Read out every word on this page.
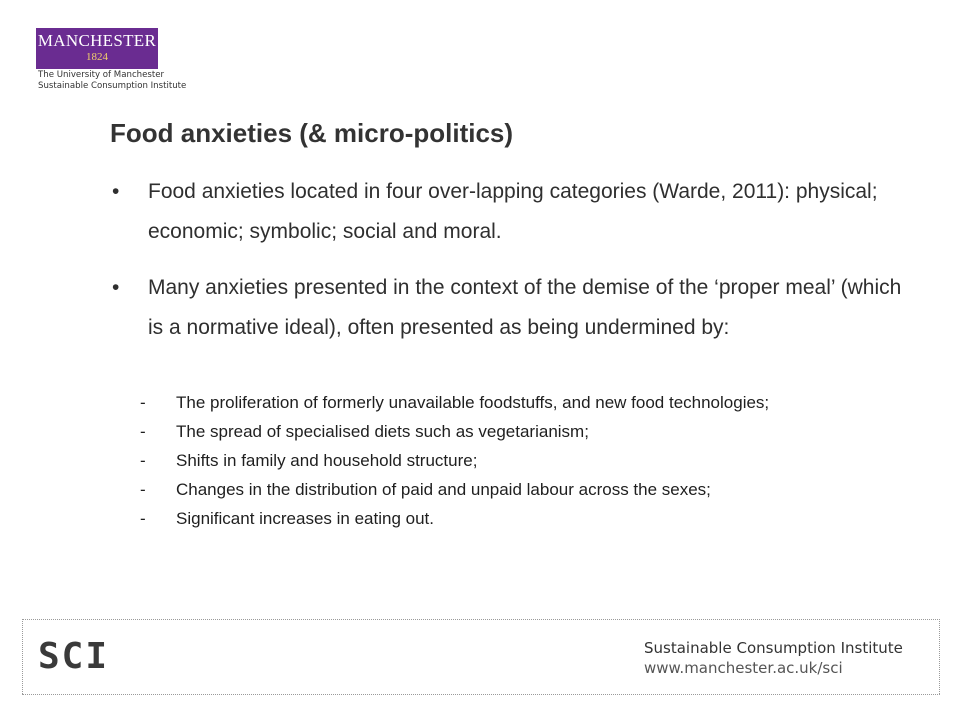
MANCHESTER
1824
The University of Manchester
Sustainable Consumption Institute
Food anxieties (& micro-politics)
•	Food anxieties located in four over-lapping categories (Warde, 2011): physical; economic; symbolic; social and moral.
•	Many anxieties presented in the context of the demise of the ‘proper meal’ (which is a normative ideal), often presented as being undermined by:
- The proliferation of formerly unavailable foodstuffs, and new food technologies;
- The spread of specialised diets such as vegetarianism;
- Shifts in family and household structure;
- Changes in the distribution of paid and unpaid labour across the sexes;
- Significant increases in eating out.
SCI	Sustainable Consumption Institute
www.manchester.ac.uk/sci
